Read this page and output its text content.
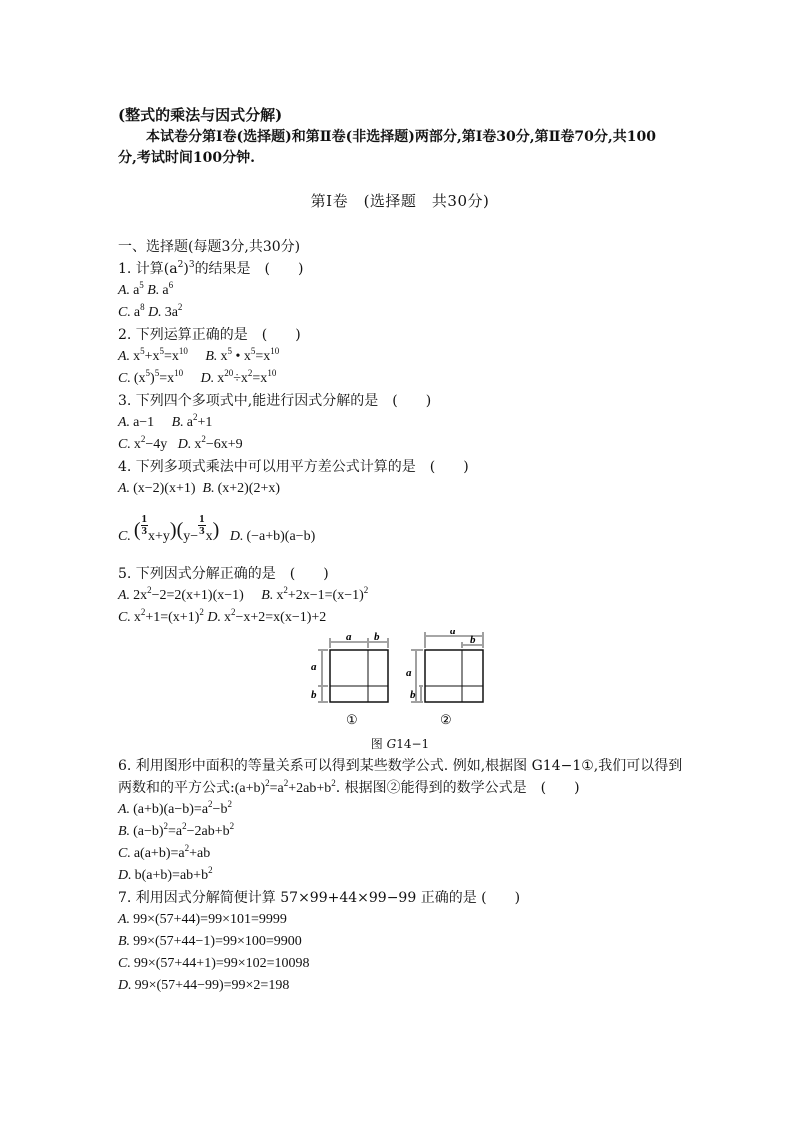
(整式的乘法与因式分解)
本试卷分第Ⅰ卷(选择题)和第Ⅱ卷(非选择题)两部分,第Ⅰ卷30分,第Ⅱ卷70分,共100
分,考试时间100分钟.
第Ⅰ卷　(选择题　共30分)
一、选择题(每题3分,共30分)
1. 计算$(a^2)^3$的结果是　(　　)
A. $a^5$ B. $a^6$
C. $a^8$ D. $3a^2$
2. 下列运算正确的是　(　　)
A. $x^5+x^5=x^{10}$ B. $x^5$ • $x^5=x^{10}$
C. $(x^5)^5=x^{10}$ D. $x^{20}\div x^2=x^{10}$
3. 下列四个多项式中,能进行因式分解的是　(　　)
A. a−1     B. $a^2+1$
C. $x^2-4y$   D. $x^2-6x+9$
4. 下列多项式乘法中可以用平方差公式计算的是　(　　)
A. (x−2)(x+1) B. (x+2)(2+x)
C. ( $\frac{1}{3} x+y)(y- \frac{1}{3} x)$ D. (−a+b)(a−b)
5. 下列因式分解正确的是　(　　)
A. $2x^2-2=2(x+1)(x-1)$     B. $x^2+2x-1=(x-1)^2$
C. $x^2+1=(x+1)^2$ D. $x^2-x+2=x(x-1)+2$
a b
a
b
①
a
b
a
b
②
图 G14−1
6. 利用图形中面积的等量关系可以得到某些数学公式. 例如,根据图 G14−1①,我们可以得到
两数和的平方公式$:(a+b)^2=a^2+2ab+b^2$. 根据图②能得到的数学公式是　(　　)
A. $(a+b)(a-b)=a^2-b^2$
B. $(a-b)^2=a^2-2ab+b^2$
C. $a(a+b)=a^2+ab$
D. $b(a+b)=ab+b^2$
7. 利用因式分解简便计算 57×99+44×99−99 正确的是 (　　)
A. 99×(57+44)=99×101=9999
B. 99×(57+44−1)=99×100=9900
C. 99×(57+44+1)=99×102=10098
D. 99×(57+44−99)=99×2=198
